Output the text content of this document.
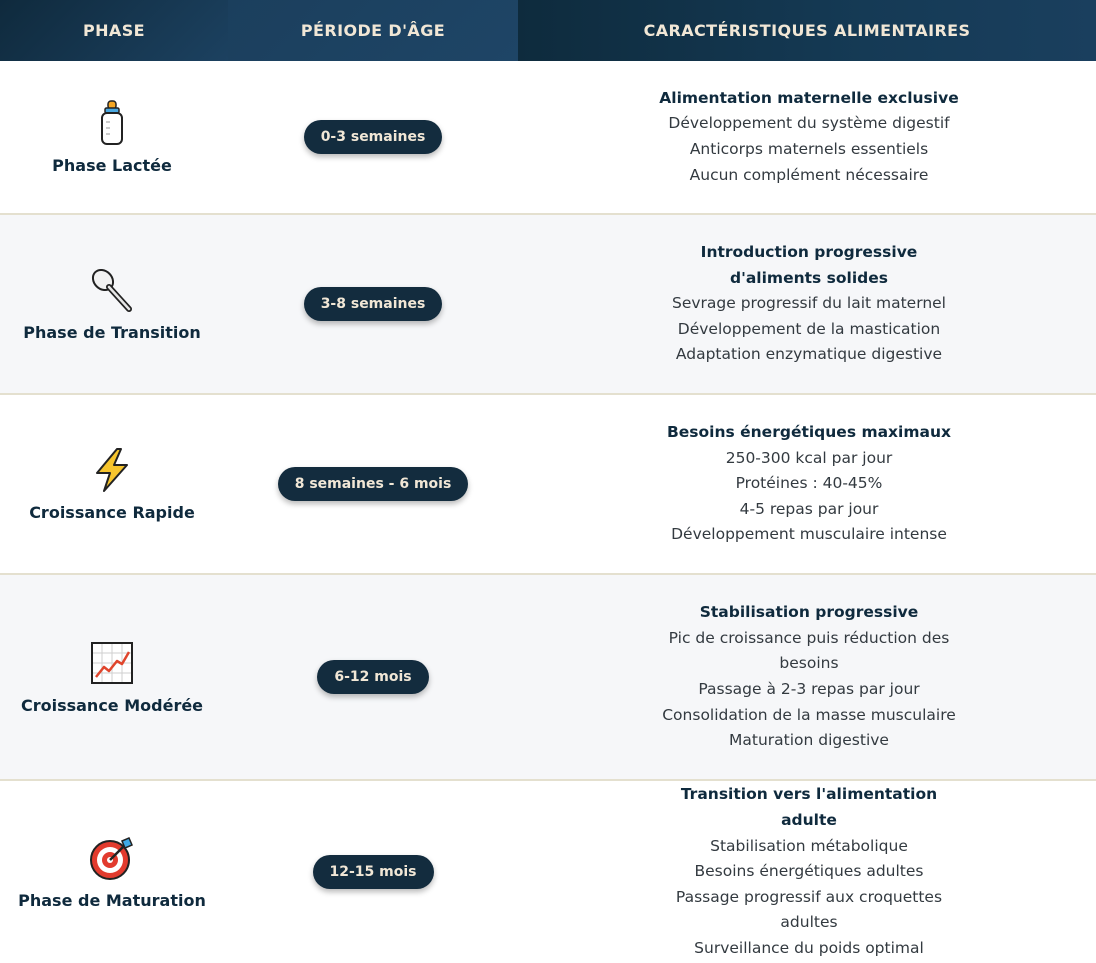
PHASE	PÉRIODE D'ÂGE	CARACTÉRISTIQUES ALIMENTAIRES
Phase Lactée
0-3 semaines
Alimentation maternelle exclusive
Développement du système digestif
Anticorps maternels essentiels
Aucun complément nécessaire
Phase de Transition
3-8 semaines
Introduction progressive d'aliments solides
Sevrage progressif du lait maternel
Développement de la mastication
Adaptation enzymatique digestive
Croissance Rapide
8 semaines - 6 mois
Besoins énergétiques maximaux
250-300 kcal par jour
Protéines : 40-45%
4-5 repas par jour
Développement musculaire intense
Croissance Modérée
6-12 mois
Stabilisation progressive
Pic de croissance puis réduction des besoins
Passage à 2-3 repas par jour
Consolidation de la masse musculaire
Maturation digestive
Phase de Maturation
12-15 mois
Transition vers l'alimentation adulte
Stabilisation métabolique
Besoins énergétiques adultes
Passage progressif aux croquettes adultes
Surveillance du poids optimal
